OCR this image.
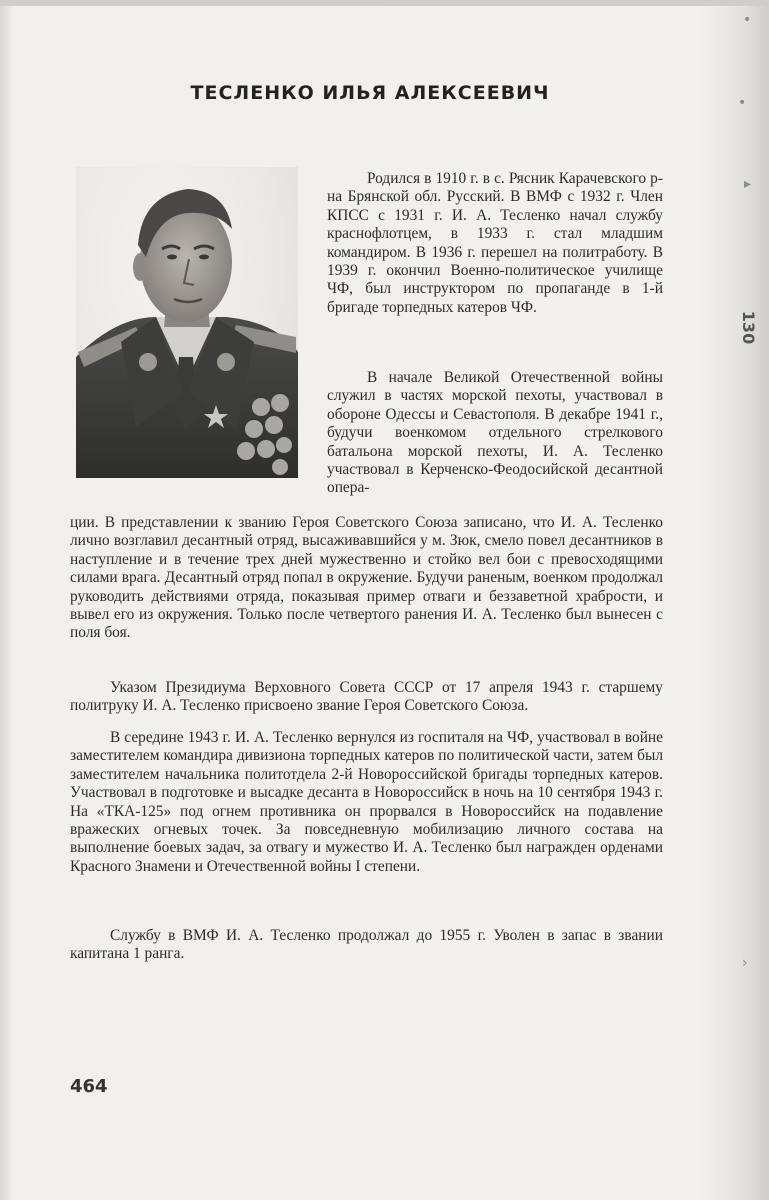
•
•
▸
›
130
ТЕСЛЕНКО ИЛЬЯ АЛЕКСЕЕВИЧ

Родился в 1910 г. в с. Рясник Карачевского р-на Брянской обл. Русский. В ВМФ с 1932 г. Член КПСС с 1931 г. И. А. Тесленко начал службу краснофлотцем, в 1933 г. стал младшим командиром. В 1936 г. перешел на политработу. В 1939 г. окончил Военно-политическое училище ЧФ, был инструктором по пропаганде в 1-й бригаде торпедных катеров ЧФ.

В начале Великой Отечественной войны служил в частях морской пехоты, участвовал в обороне Одессы и Севастополя. В декабре 1941 г., будучи военкомом отдельного стрелкового батальона морской пехоты, И. А. Тесленко участвовал в Керченско-Феодосийской десантной опера-

ции. В представлении к званию Героя Советского Союза записано, что И. А. Тесленко лично возглавил десантный отряд, высаживавшийся у м. Зюк, смело повел десантников в наступление и в течение трех дней мужественно и стойко вел бои с превосходящими силами врага. Десантный отряд попал в окружение. Будучи раненым, военком продолжал руководить действиями отряда, показывая пример отваги и беззаветной храбрости, и вывел его из окружения. Только после четвертого ранения И. А. Тесленко был вынесен с поля боя.

Указом Президиума Верховного Совета СССР от 17 апреля 1943 г. старшему политруку И. А. Тесленко присвоено звание Героя Советского Союза.

В середине 1943 г. И. А. Тесленко вернулся из госпиталя на ЧФ, участвовал в войне заместителем командира дивизиона торпедных катеров по политической части, затем был заместителем начальника политотдела 2-й Новороссийской бригады торпедных катеров. Участвовал в подготовке и высадке десанта в Новороссийск в ночь на 10 сентября 1943 г. На «ТКА-125» под огнем противника он прорвался в Новороссийск на подавление вражеских огневых точек. За повседневную мобилизацию личного состава на выполнение боевых задач, за отвагу и мужество И. А. Тесленко был награжден орденами Красного Знамени и Отечественной войны I степени.

Службу в ВМФ И. А. Тесленко продолжал до 1955 г. Уволен в запас в звании капитана 1 ранга.

464
